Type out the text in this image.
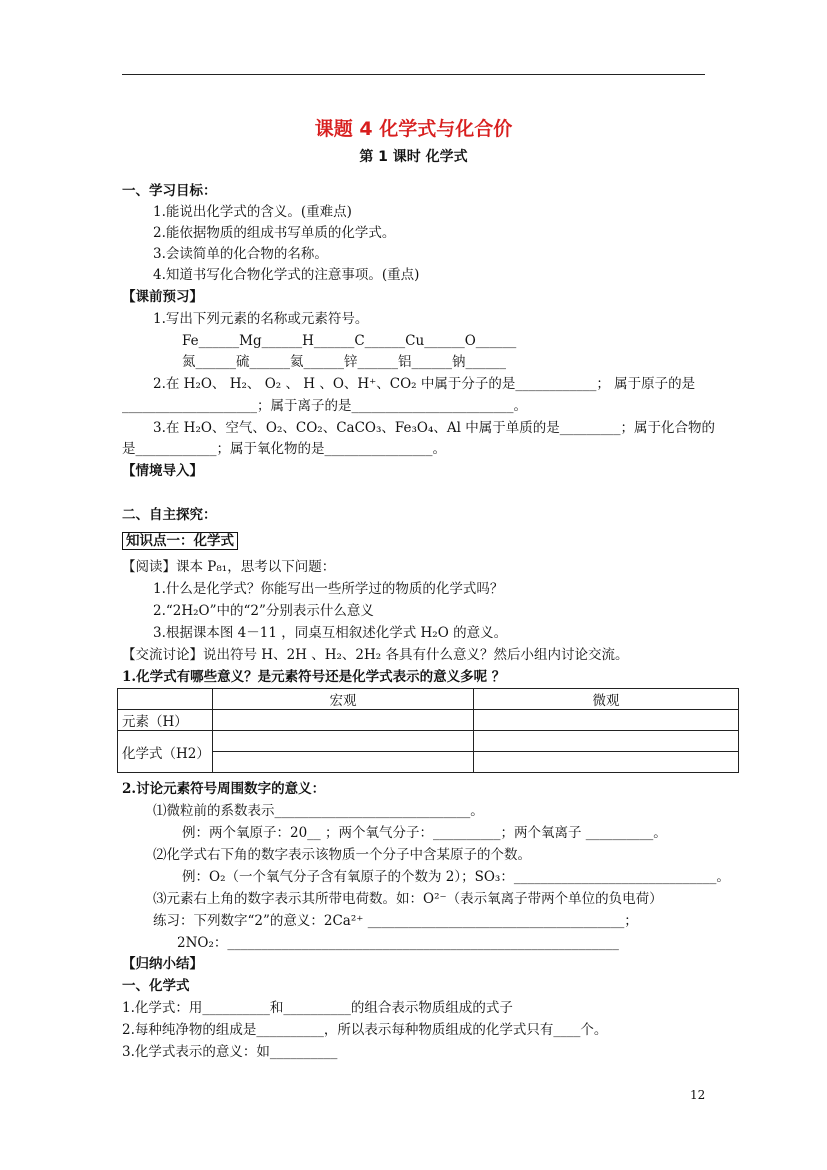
课题 4 化学式与化合价
第 1 课时 化学式
一、学习目标：
1.能说出化学式的含义。(重难点)
2.能依据物质的组成书写单质的化学式。
3.会读简单的化合物的名称。
4.知道书写化合物化学式的注意事项。(重点)
【课前预习】
1.写出下列元素的名称或元素符号。
Fe______Mg______H______C______Cu______O______
氮______硫______氦______锌______铝______钠______
2.在 H₂O、 H₂、 O₂ 、 H 、O、H⁺、CO₂ 中属于分子的是____________； 属于原子的是
____________________；属于离子的是________________________。
3.在 H₂O、空气、O₂、CO₂、CaCO₃、Fe₃O₄、Al 中属于单质的是_________；属于化合物的
是____________；属于氧化物的是________________。
【情境导入】
二、自主探究：
知识点一：化学式
【阅读】课本 P₈₁，思考以下问题：
1.什么是化学式？你能写出一些所学过的物质的化学式吗？
2.“2H₂O”中的“2”分别表示什么意义
3.根据课本图 4－11 ，同桌互相叙述化学式 H₂O 的意义。
【交流讨论】说出符号 H、2H 、H₂、2H₂ 各具有什么意义？然后小组内讨论交流。
1.化学式有哪些意义？是元素符号还是化学式表示的意义多呢 ？
	宏观	微观
元素（H）		
化学式（H2）		

2.讨论元素符号周围数字的意义：
⑴微粒前的系数表示_____________________________。
例：两个氧原子：20__ ；两个氧气分子：__________；两个氧离子 __________。
⑵化学式右下角的数字表示该物质一个分子中含某原子的个数。
例：O₂（一个氧气分子含有氧原子的个数为 2）；SO₃：______________________________。
⑶元素右上角的数字表示其所带电荷数。如：O²⁻（表示氧离子带两个单位的负电荷）
练习：下列数字“2”的意义：2Ca²⁺ ______________________________________；
2NO₂：__________________________________________________________
【归纳小结】
一、化学式
1.化学式：用__________和__________的组合表示物质组成的式子
2.每种纯净物的组成是__________，所以表示每种物质组成的化学式只有____个。
3.化学式表示的意义：如__________
12
